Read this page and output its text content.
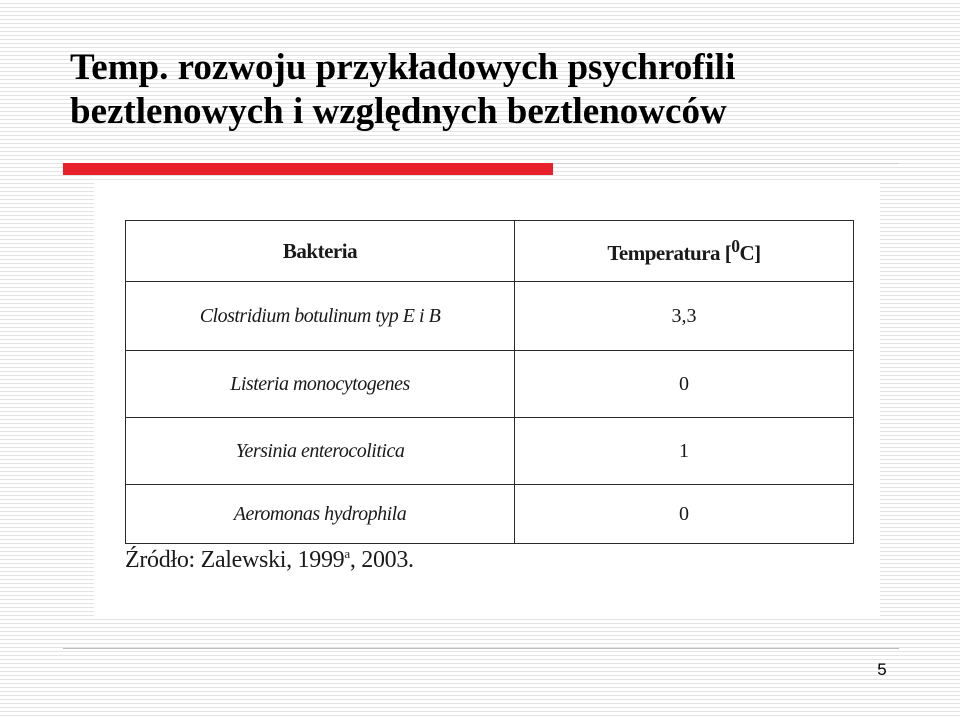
Temp. rozwoju przykładowych psychrofili
beztlenowych i względnych beztlenowców
Bakteria	Temperatura [$^0$C]
Clostridium botulinum typ E i B	3,3
Listeria monocytogenes	0
Yersinia enterocolitica	1
Aeromonas hydrophila	0
Źródło: Zalewski, 1999$^a$, 2003.
5
